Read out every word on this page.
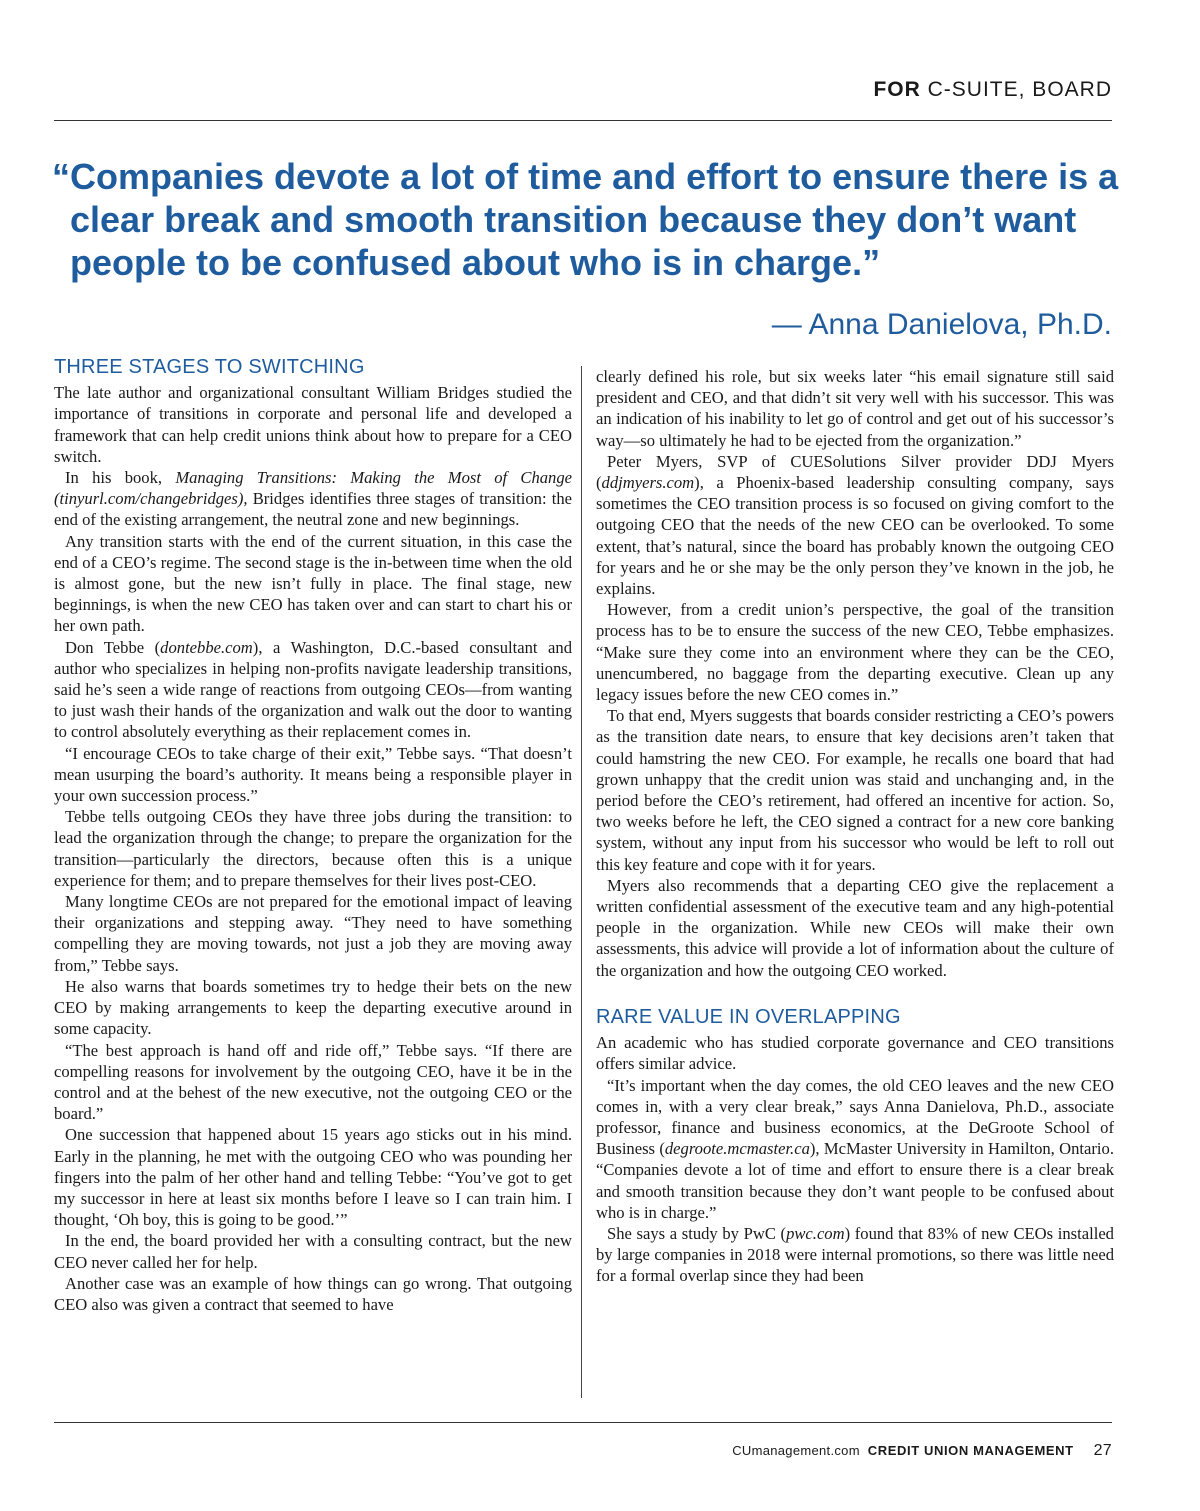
FOR C-SUITE, BOARD

“Companies devote a lot of time and effort to ensure there is a clear break and smooth transition because they don’t want people to be confused about who is in charge.”

— Anna Danielova, Ph.D.
THREE STAGES TO SWITCHING

The late author and organizational consultant William Bridges studied the importance of transitions in corporate and personal life and developed a framework that can help credit unions think about how to prepare for a CEO switch.

In his book, Managing Transitions: Making the Most of Change (tinyurl.com/changebridges), Bridges identifies three stages of transition: the end of the existing arrangement, the neutral zone and new beginnings.

Any transition starts with the end of the current situation, in this case the end of a CEO’s regime. The second stage is the in-between time when the old is almost gone, but the new isn’t fully in place. The final stage, new beginnings, is when the new CEO has taken over and can start to chart his or her own path.

Don Tebbe (dontebbe.com), a Washington, D.C.-based consultant and author who specializes in helping non-profits navigate leadership transitions, said he’s seen a wide range of reactions from outgoing CEOs—from wanting to just wash their hands of the organization and walk out the door to wanting to control absolutely everything as their replacement comes in.

“I encourage CEOs to take charge of their exit,” Tebbe says. “That doesn’t mean usurping the board’s authority. It means being a responsible player in your own succession process.”

Tebbe tells outgoing CEOs they have three jobs during the transition: to lead the organization through the change; to prepare the organization for the transition—particularly the directors, because often this is a unique experience for them; and to prepare themselves for their lives post-CEO.

Many longtime CEOs are not prepared for the emotional impact of leaving their organizations and stepping away. “They need to have something compelling they are moving towards, not just a job they are moving away from,” Tebbe says.

He also warns that boards sometimes try to hedge their bets on the new CEO by making arrangements to keep the departing executive around in some capacity.

“The best approach is hand off and ride off,” Tebbe says. “If there are compelling reasons for involvement by the outgoing CEO, have it be in the control and at the behest of the new executive, not the outgoing CEO or the board.”

One succession that happened about 15 years ago sticks out in his mind. Early in the planning, he met with the outgoing CEO who was pounding her fingers into the palm of her other hand and telling Tebbe: “You’ve got to get my successor in here at least six months before I leave so I can train him. I thought, ‘Oh boy, this is going to be good.’”

In the end, the board provided her with a consulting contract, but the new CEO never called her for help.

Another case was an example of how things can go wrong. That outgoing CEO also was given a contract that seemed to have

clearly defined his role, but six weeks later “his email signature still said president and CEO, and that didn’t sit very well with his successor. This was an indication of his inability to let go of control and get out of his successor’s way—so ultimately he had to be ejected from the organization.”

Peter Myers, SVP of CUESolutions Silver provider DDJ Myers (ddjmyers.com), a Phoenix-based leadership consulting company, says sometimes the CEO transition process is so focused on giving comfort to the outgoing CEO that the needs of the new CEO can be overlooked. To some extent, that’s natural, since the board has probably known the outgoing CEO for years and he or she may be the only person they’ve known in the job, he explains.

However, from a credit union’s perspective, the goal of the transition process has to be to ensure the success of the new CEO, Tebbe emphasizes. “Make sure they come into an environment where they can be the CEO, unencumbered, no baggage from the departing executive. Clean up any legacy issues before the new CEO comes in.”

To that end, Myers suggests that boards consider restricting a CEO’s powers as the transition date nears, to ensure that key decisions aren’t taken that could hamstring the new CEO. For example, he recalls one board that had grown unhappy that the credit union was staid and unchanging and, in the period before the CEO’s retirement, had offered an incentive for action. So, two weeks before he left, the CEO signed a contract for a new core banking system, without any input from his successor who would be left to roll out this key feature and cope with it for years.

Myers also recommends that a departing CEO give the replacement a written confidential assessment of the executive team and any high-potential people in the organization. While new CEOs will make their own assessments, this advice will provide a lot of information about the culture of the organization and how the outgoing CEO worked.

RARE VALUE IN OVERLAPPING

An academic who has studied corporate governance and CEO transitions offers similar advice.

“It’s important when the day comes, the old CEO leaves and the new CEO comes in, with a very clear break,” says Anna Danielova, Ph.D., associate professor, finance and business economics, at the DeGroote School of Business (degroote.mcmaster.ca), McMaster University in Hamilton, Ontario. “Companies devote a lot of time and effort to ensure there is a clear break and smooth transition because they don’t want people to be confused about who is in charge.”

She says a study by PwC (pwc.com) found that 83% of new CEOs installed by large companies in 2018 were internal promotions, so there was little need for a formal overlap since they had been

CUmanagement.com CREDIT UNION MANAGEMENT 27
